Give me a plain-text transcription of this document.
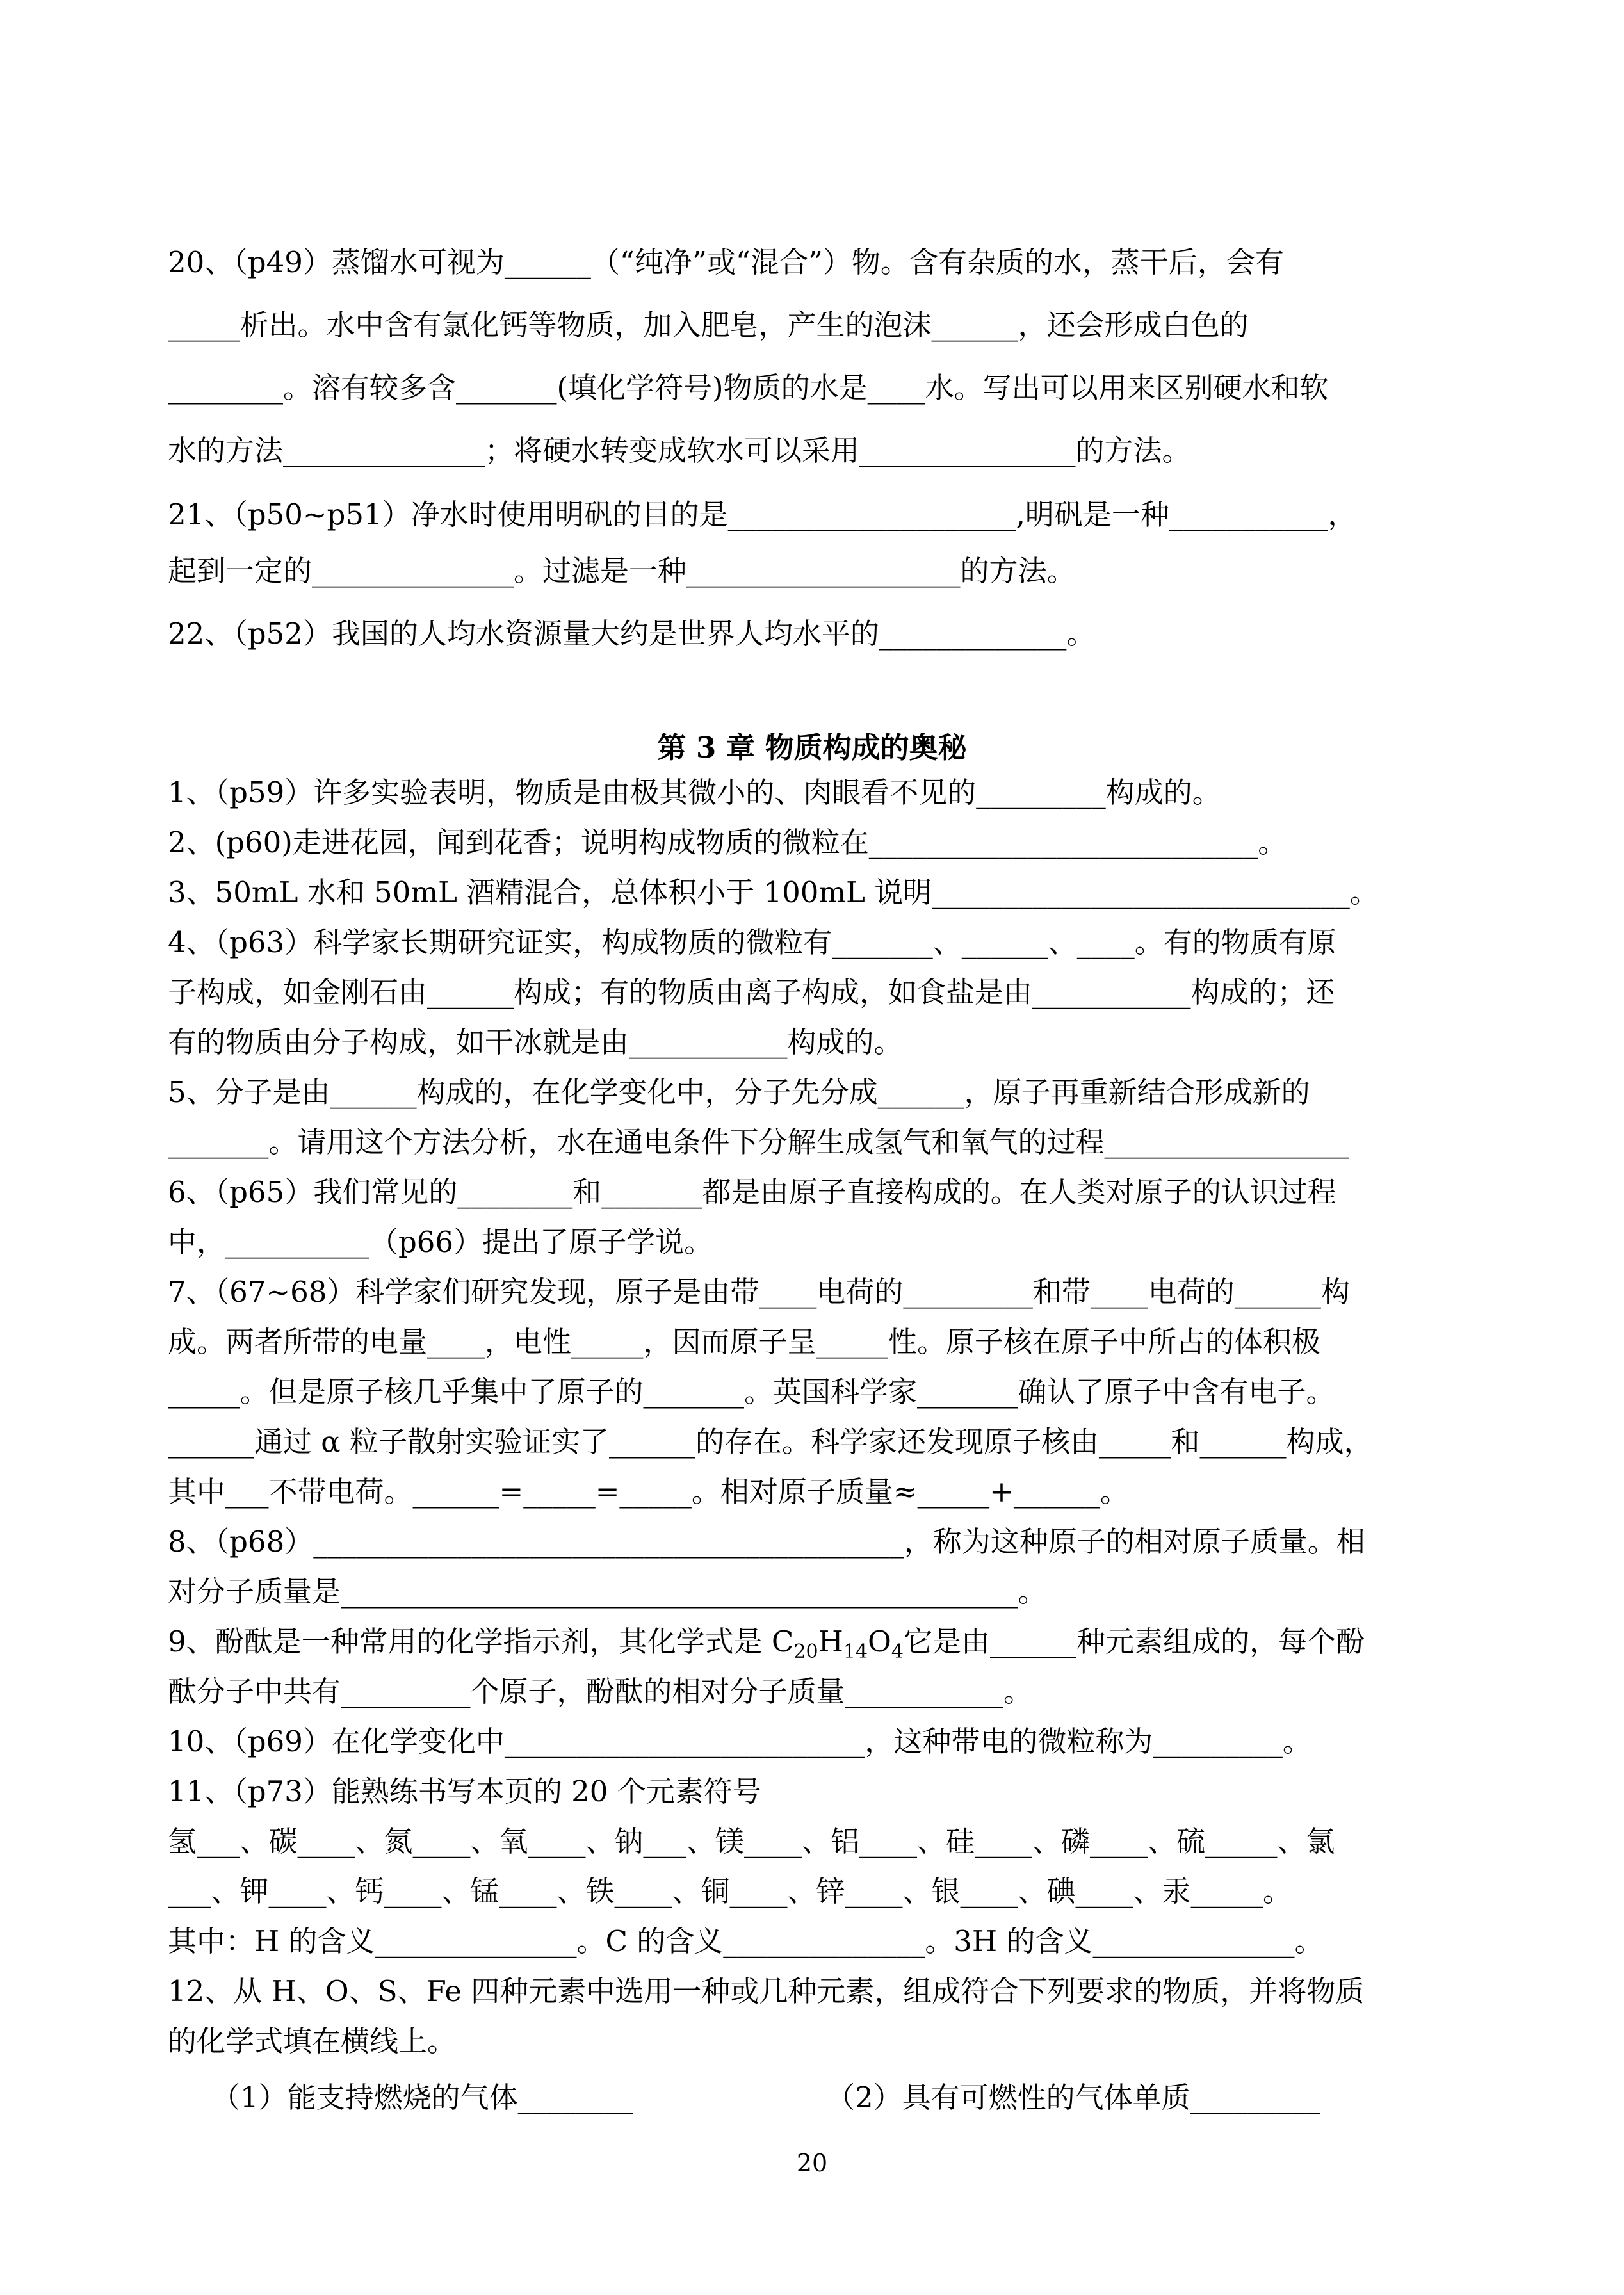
20、（p49）蒸馏水可视为______（“纯净”或“混合”）物。含有杂质的水，蒸干后，会有
_____析出。水中含有氯化钙等物质，加入肥皂，产生的泡沫______，还会形成白色的
________。溶有较多含_______(填化学符号)物质的水是____水。写出可以用来区别硬水和软
水的方法______________；将硬水转变成软水可以采用_______________的方法。
21、（p50~p51）净水时使用明矾的目的是____________________,明矾是一种___________，
起到一定的______________。过滤是一种___________________的方法。
22、（p52）我国的人均水资源量大约是世界人均水平的_____________。
第 3 章 物质构成的奥秘
1、（p59）许多实验表明，物质是由极其微小的、肉眼看不见的_________构成的。
2、(p60)走进花园，闻到花香；说明构成物质的微粒在___________________________。
3、50mL 水和 50mL 酒精混合，总体积小于 100mL 说明_____________________________。
4、（p63）科学家长期研究证实，构成物质的微粒有_______、______、____。有的物质有原
子构成，如金刚石由______构成；有的物质由离子构成，如食盐是由___________构成的；还
有的物质由分子构成，如干冰就是由___________构成的。
5、分子是由______构成的，在化学变化中，分子先分成______，原子再重新结合形成新的
_______。请用这个方法分析，水在通电条件下分解生成氢气和氧气的过程_________________
6、（p65）我们常见的________和_______都是由原子直接构成的。在人类对原子的认识过程
中，__________（p66）提出了原子学说。
7、（67~68）科学家们研究发现，原子是由带____电荷的_________和带____电荷的______构
成。两者所带的电量____，电性_____，因而原子呈_____性。原子核在原子中所占的体积极
_____。但是原子核几乎集中了原子的_______。英国科学家_______确认了原子中含有电子。
______通过 α 粒子散射实验证实了______的存在。科学家还发现原子核由_____和______构成，
其中___不带电荷。______=_____=_____。相对原子质量≈_____+______。
8、（p68）_________________________________________，称为这种原子的相对原子质量。相
对分子质量是_______________________________________________。
9、酚酞是一种常用的化学指示剂，其化学式是 $C_{20}H_{14}O_4$它是由______种元素组成的，每个酚
酞分子中共有_________个原子，酚酞的相对分子质量___________。
10、（p69）在化学变化中_________________________，这种带电的微粒称为_________。
11、（p73）能熟练书写本页的 20 个元素符号
氢___、碳____、氮____、氧____、钠___、镁____、铝____、硅____、磷____、硫_____、氯
___、钾____、钙____、锰____、铁____、铜____、锌____、银____、碘____、汞_____。
其中：H 的含义______________。C 的含义______________。3H 的含义______________。
12、从 H、O、S、Fe 四种元素中选用一种或几种元素，组成符合下列要求的物质，并将物质
的化学式填在横线上。
（1）能支持燃烧的气体________	（2）具有可燃性的气体单质_________
20
